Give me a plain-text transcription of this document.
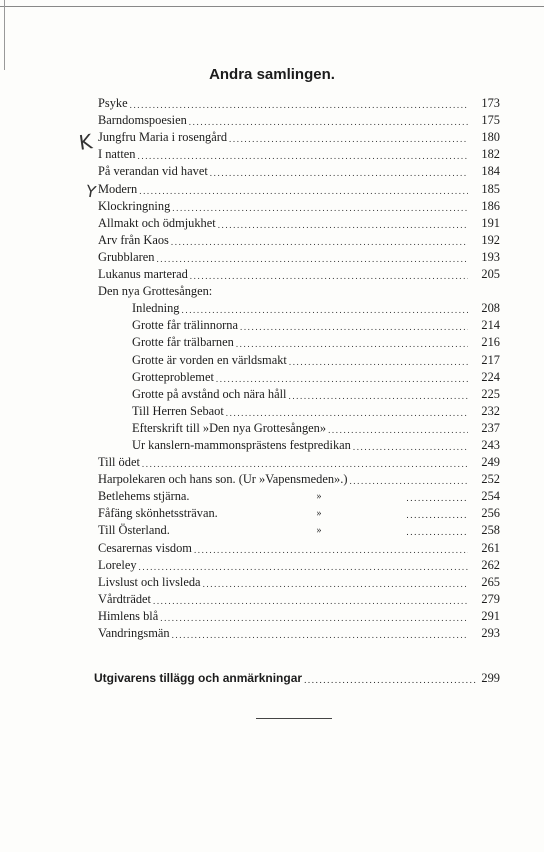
Andra samlingen.
K
Y
Psyke .....	173
Barndomspoesien .....	175
Jungfru Maria i rosengård .....	180
I natten .....	182
På verandan vid havet .....	184
Modern .....	185
Klockringning .....	186
Allmakt och ödmjukhet .....	191
Arv från Kaos .....	192
Grubblaren .....	193
Lukanus marterad .....	205
Den nya Grottesången:
Inledning .....	208
Grotte får trälinnorna .....	214
Grotte får trälbarnen .....	216
Grotte är vorden en världsmakt .....	217
Grotteproblemet .....	224
Grotte på avstånd och nära håll .....	225
Till Herren Sebaot .....	232
Efterskrift till »Den nya Grottesången» .....	237
Ur kanslern-mammonsprästens festpredikan .....	243
Till ödet .....	249
Harpolekaren och hans son. (Ur »Vapensmeden».) .....	252
Betlehems stjärna.	» .....	254
Fåfäng skönhetssträvan.	» .....	256
Till Österland.	» .....	258
Cesarernas visdom .....	261
Loreley .....	262
Livslust och livsleda .....	265
Vårdträdet .....	279
Himlens blå .....	291
Vandringsmän .....	293
Utgivarens tillägg och anmärkningar .....	299
